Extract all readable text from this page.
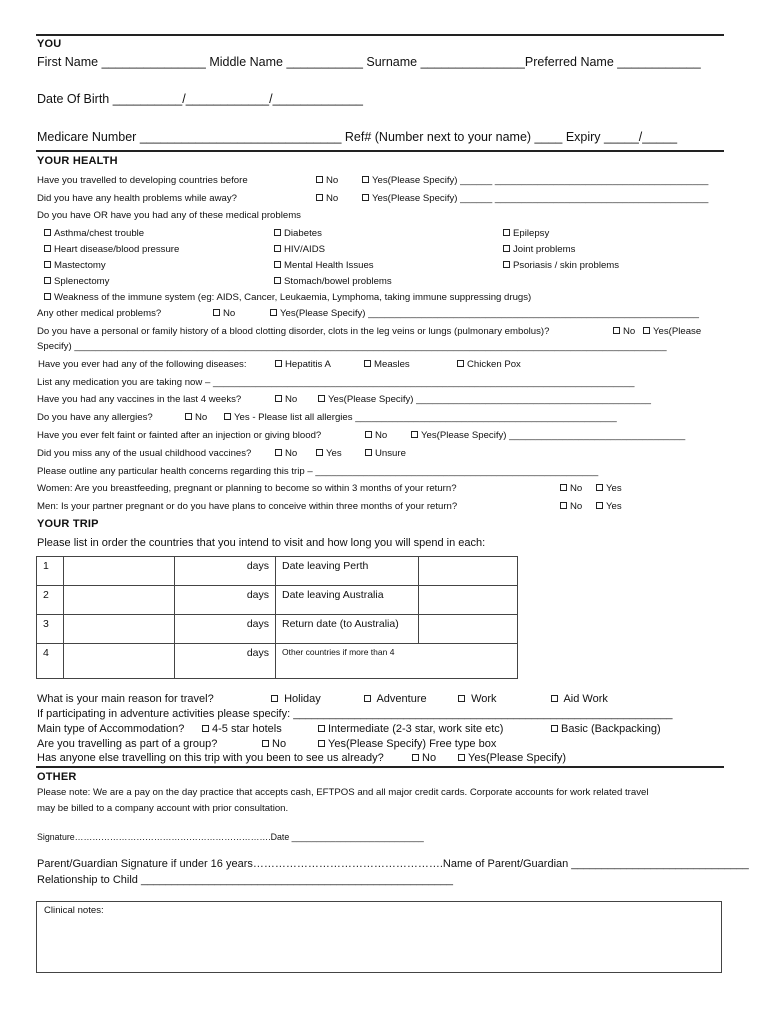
YOU
First Name _______________ Middle Name ___________ Surname _______________Preferred Name ____________
Date Of Birth __________/____________/_____________
Medicare Number _____________________________ Ref# (Number next to your name) ____ Expiry _____/_____
YOUR HEALTH
Have you travelled to developing countries before	No	Yes(Please Specify) ______ ________________________________________
Did you have any health problems while away?	No	Yes(Please Specify) ______ ________________________________________
Do you have OR have you had any of these medical problems
Asthma/chest trouble
Heart disease/blood pressure
Mastectomy
Splenectomy
Diabetes
HIV/AIDS
Mental Health Issues
Stomach/bowel problems
Epilepsy
Joint problems
Psoriasis / skin problems
Weakness of the immune system (eg: AIDS, Cancer, Leukaemia, Lymphoma, taking immune suppressing drugs)
Any other medical problems?	No	Yes(Please Specify) ______________________________________________________________
Do you have a personal or family history of a blood clotting disorder, clots in the leg veins or lungs (pulmonary embolus)?	No	Yes(Please
Specify) _______________________________________________________________________________________________________________
Have you ever had any of the following diseases:	Hepatitis A	Measles	Chicken Pox
List any medication you are taking now – _______________________________________________________________________________
Have you had any vaccines in the last 4 weeks?	No	Yes(Please Specify) ____________________________________________
Do you have any allergies?	No	Yes - Please list all allergies _________________________________________________
Have you ever felt faint or fainted after an injection or giving blood?	No	Yes(Please Specify) _________________________________
Did you miss any of the usual childhood vaccines?	No	Yes	Unsure
Please outline any particular health concerns regarding this trip – _____________________________________________________
Women: Are you breastfeeding, pregnant or planning to become so within 3 months of your return?	No	Yes
Men: Is your partner pregnant or do you have plans to conceive within three months of your return?	No	Yes
YOUR TRIP
Please list in order the countries that you intend to visit and how long you will spend in each:
1		days	Date leaving Perth	

2		days	Date leaving Australia	

3		days	Return date (to Australia)	

4		days	Other countries if more than 4	
What is your main reason for travel?	Holiday	Adventure	Work	Aid Work
If participating in adventure activities please specify: ______________________________________________________________
Main type of Accommodation?	4-5 star hotels	Intermediate (2-3 star, work site etc)	Basic (Backpacking)
Are you travelling as part of a group?	No	Yes(Please Specify) Free type box
Has anyone else travelling on this trip with you been to see us already?	No	Yes(Please Specify)
OTHER
Please note: We are a pay on the day practice that accepts cash, EFTPOS and all major credit cards. Corporate accounts for work related travel
may be billed to a company account with prior consultation.
Signature………………………………………………………….Date ___________________________
Parent/Guardian Signature if under 16 years…………………………………………….Name of Parent/Guardian _____________________________
Relationship to Child ___________________________________________________
Clinical notes:
